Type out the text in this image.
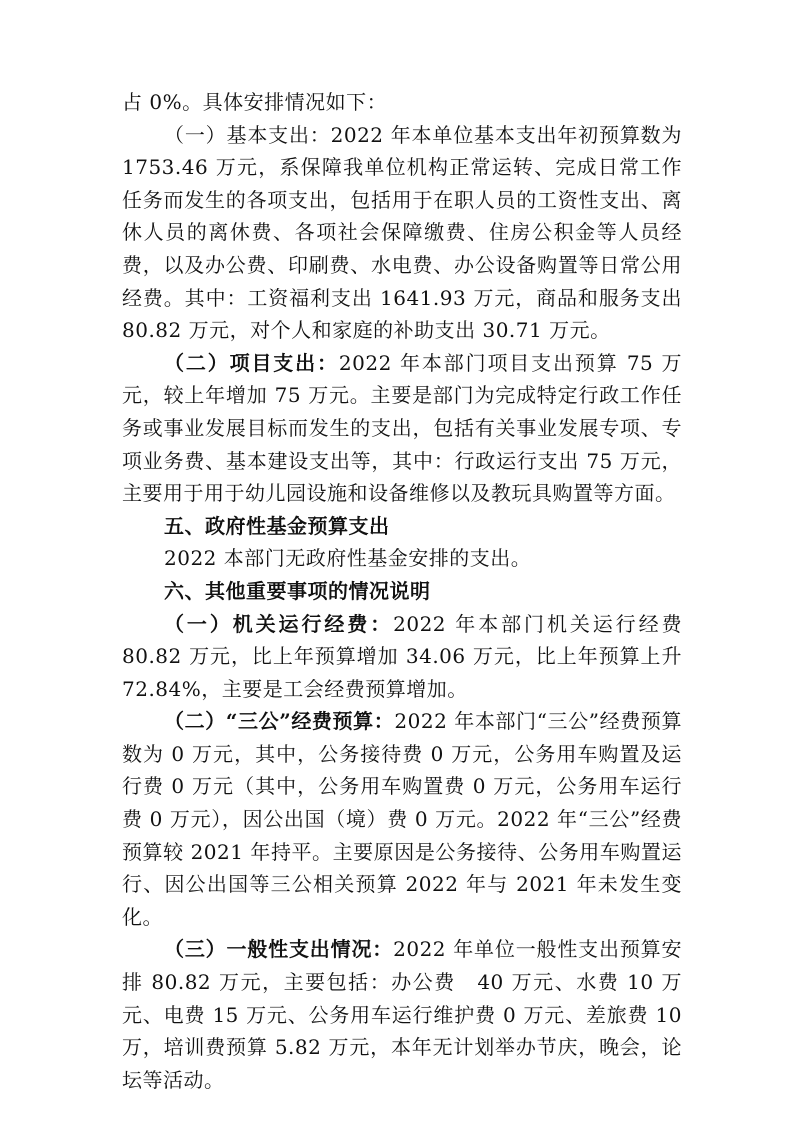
占 0%。具体安排情况如下：

（一）基本支出：2022 年本单位基本支出年初预算数为 1753.46 万元，系保障我单位机构正常运转、完成日常工作任务而发生的各项支出，包括用于在职人员的工资性支出、离休人员的离休费、各项社会保障缴费、住房公积金等人员经费，以及办公费、印刷费、水电费、办公设备购置等日常公用经费。其中：工资福利支出 1641.93 万元，商品和服务支出 80.82 万元，对个人和家庭的补助支出 30.71 万元。

（二）项目支出：2022 年本部门项目支出预算 75 万元，较上年增加 75 万元。主要是部门为完成特定行政工作任务或事业发展目标而发生的支出，包括有关事业发展专项、专项业务费、基本建设支出等，其中：行政运行支出 75 万元，主要用于用于幼儿园设施和设备维修以及教玩具购置等方面。

五、政府性基金预算支出

2022 本部门无政府性基金安排的支出。

六、其他重要事项的情况说明

（一）机关运行经费：2022 年本部门机关运行经费 80.82 万元，比上年预算增加 34.06 万元，比上年预算上升 72.84%，主要是工会经费预算增加。

（二）“三公”经费预算：2022 年本部门“三公”经费预算数为 0 万元，其中，公务接待费 0 万元，公务用车购置及运行费 0 万元（其中，公务用车购置费 0 万元，公务用车运行费 0 万元），因公出国（境）费 0 万元。2022 年“三公”经费预算较 2021 年持平。主要原因是公务接待、公务用车购置运行、因公出国等三公相关预算 2022 年与 2021 年未发生变化。

（三）一般性支出情况：2022 年单位一般性支出预算安排 80.82 万元，主要包括：办公费　40 万元、水费 10 万元、电费 15 万元、公务用车运行维护费 0 万元、差旅费 10 万，培训费预算 5.82 万元，本年无计划举办节庆，晚会，论坛等活动。
